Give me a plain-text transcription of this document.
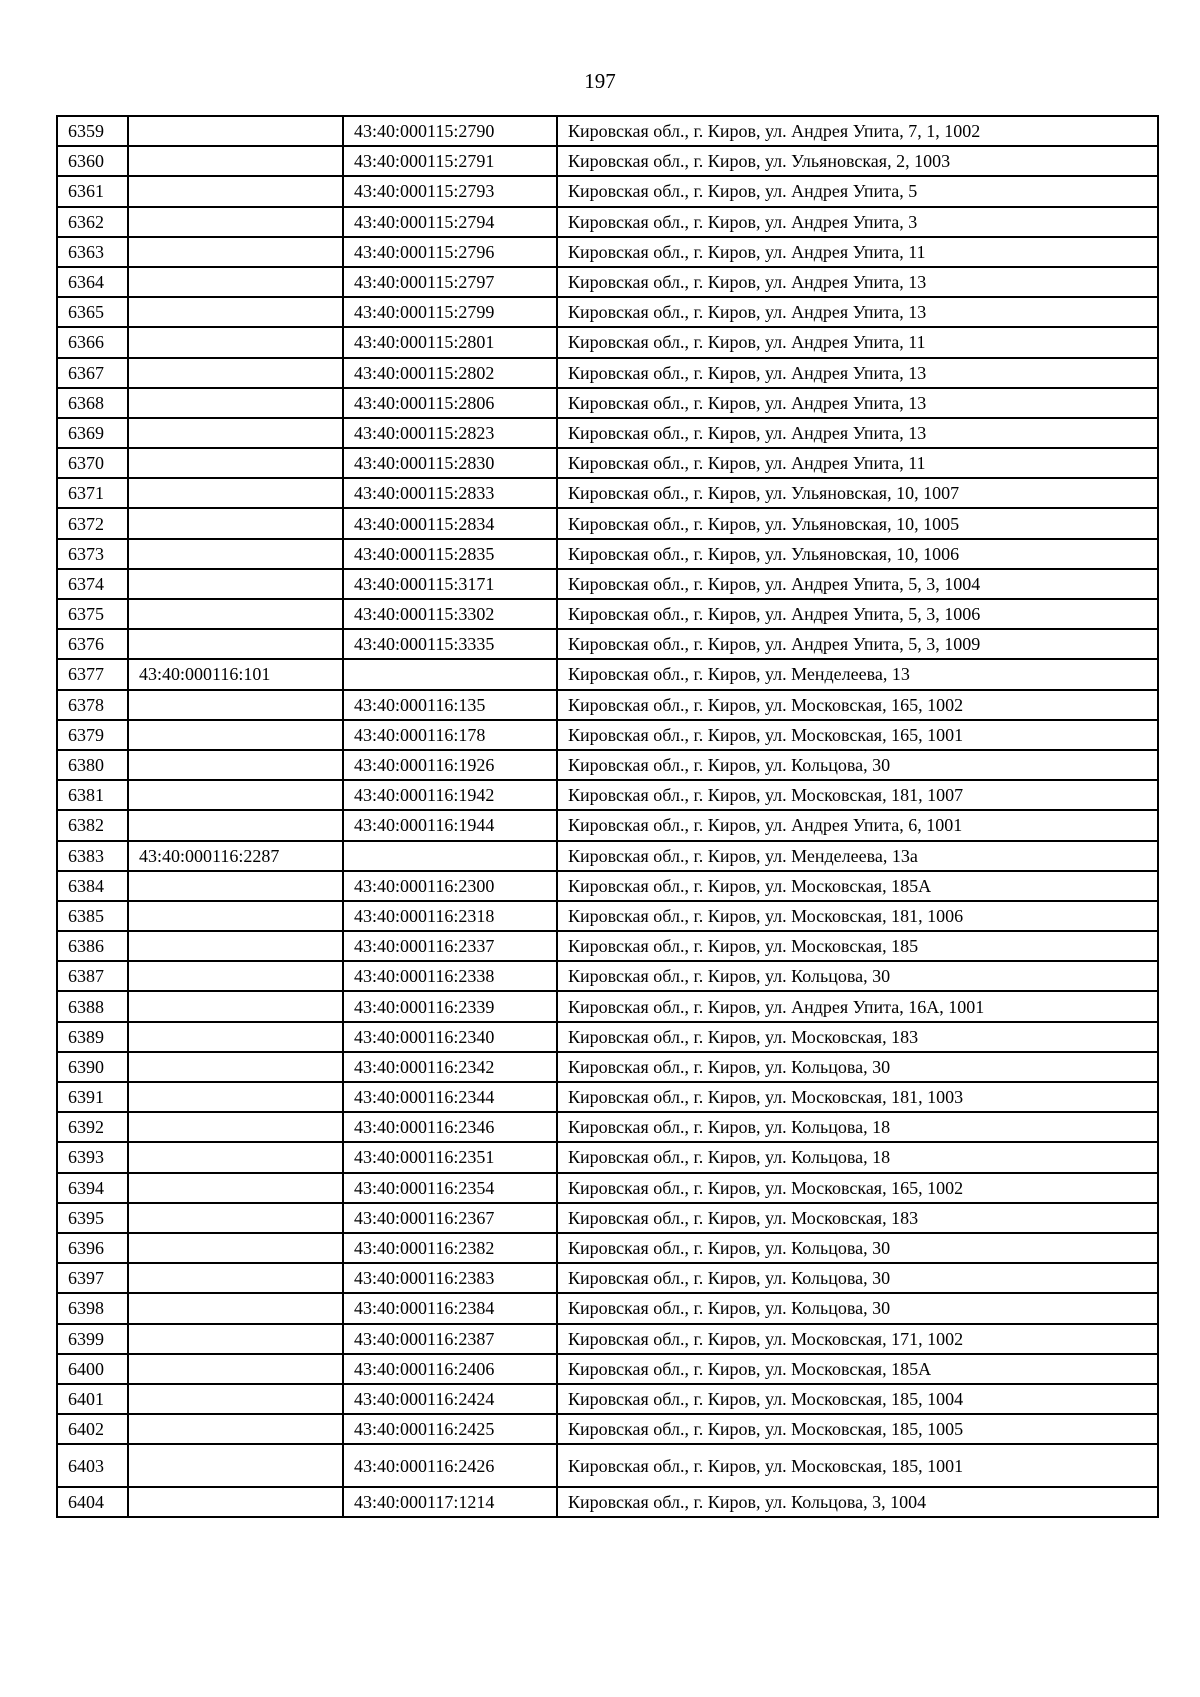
197
6359		43:40:000115:2790	Кировская обл., г. Киров, ул. Андрея Упита, 7, 1, 1002
6360		43:40:000115:2791	Кировская обл., г. Киров, ул. Ульяновская, 2, 1003
6361		43:40:000115:2793	Кировская обл., г. Киров, ул. Андрея Упита, 5
6362		43:40:000115:2794	Кировская обл., г. Киров, ул. Андрея Упита, 3
6363		43:40:000115:2796	Кировская обл., г. Киров, ул. Андрея Упита, 11
6364		43:40:000115:2797	Кировская обл., г. Киров, ул. Андрея Упита, 13
6365		43:40:000115:2799	Кировская обл., г. Киров, ул. Андрея Упита, 13
6366		43:40:000115:2801	Кировская обл., г. Киров, ул. Андрея Упита, 11
6367		43:40:000115:2802	Кировская обл., г. Киров, ул. Андрея Упита, 13
6368		43:40:000115:2806	Кировская обл., г. Киров, ул. Андрея Упита, 13
6369		43:40:000115:2823	Кировская обл., г. Киров, ул. Андрея Упита, 13
6370		43:40:000115:2830	Кировская обл., г. Киров, ул. Андрея Упита, 11
6371		43:40:000115:2833	Кировская обл., г. Киров, ул. Ульяновская, 10, 1007
6372		43:40:000115:2834	Кировская обл., г. Киров, ул. Ульяновская, 10, 1005
6373		43:40:000115:2835	Кировская обл., г. Киров, ул. Ульяновская, 10, 1006
6374		43:40:000115:3171	Кировская обл., г. Киров, ул. Андрея Упита, 5, 3, 1004
6375		43:40:000115:3302	Кировская обл., г. Киров, ул. Андрея Упита, 5, 3, 1006
6376		43:40:000115:3335	Кировская обл., г. Киров, ул. Андрея Упита, 5, 3, 1009
6377	43:40:000116:101		Кировская обл., г. Киров, ул. Менделеева, 13
6378		43:40:000116:135	Кировская обл., г. Киров, ул. Московская, 165, 1002
6379		43:40:000116:178	Кировская обл., г. Киров, ул. Московская, 165, 1001
6380		43:40:000116:1926	Кировская обл., г. Киров, ул. Кольцова, 30
6381		43:40:000116:1942	Кировская обл., г. Киров, ул. Московская, 181, 1007
6382		43:40:000116:1944	Кировская обл., г. Киров, ул. Андрея Упита, 6, 1001
6383	43:40:000116:2287		Кировская обл., г. Киров, ул. Менделеева, 13а
6384		43:40:000116:2300	Кировская обл., г. Киров, ул. Московская, 185А
6385		43:40:000116:2318	Кировская обл., г. Киров, ул. Московская, 181, 1006
6386		43:40:000116:2337	Кировская обл., г. Киров, ул. Московская, 185
6387		43:40:000116:2338	Кировская обл., г. Киров, ул. Кольцова, 30
6388		43:40:000116:2339	Кировская обл., г. Киров, ул. Андрея Упита, 16А, 1001
6389		43:40:000116:2340	Кировская обл., г. Киров, ул. Московская, 183
6390		43:40:000116:2342	Кировская обл., г. Киров, ул. Кольцова, 30
6391		43:40:000116:2344	Кировская обл., г. Киров, ул. Московская, 181, 1003
6392		43:40:000116:2346	Кировская обл., г. Киров, ул. Кольцова, 18
6393		43:40:000116:2351	Кировская обл., г. Киров, ул. Кольцова, 18
6394		43:40:000116:2354	Кировская обл., г. Киров, ул. Московская, 165, 1002
6395		43:40:000116:2367	Кировская обл., г. Киров, ул. Московская, 183
6396		43:40:000116:2382	Кировская обл., г. Киров, ул. Кольцова, 30
6397		43:40:000116:2383	Кировская обл., г. Киров, ул. Кольцова, 30
6398		43:40:000116:2384	Кировская обл., г. Киров, ул. Кольцова, 30
6399		43:40:000116:2387	Кировская обл., г. Киров, ул. Московская, 171, 1002
6400		43:40:000116:2406	Кировская обл., г. Киров, ул. Московская, 185А
6401		43:40:000116:2424	Кировская обл., г. Киров, ул. Московская, 185, 1004
6402		43:40:000116:2425	Кировская обл., г. Киров, ул. Московская, 185, 1005
6403		43:40:000116:2426	Кировская обл., г. Киров, ул. Московская, 185, 1001
6404		43:40:000117:1214	Кировская обл., г. Киров, ул. Кольцова, 3, 1004
